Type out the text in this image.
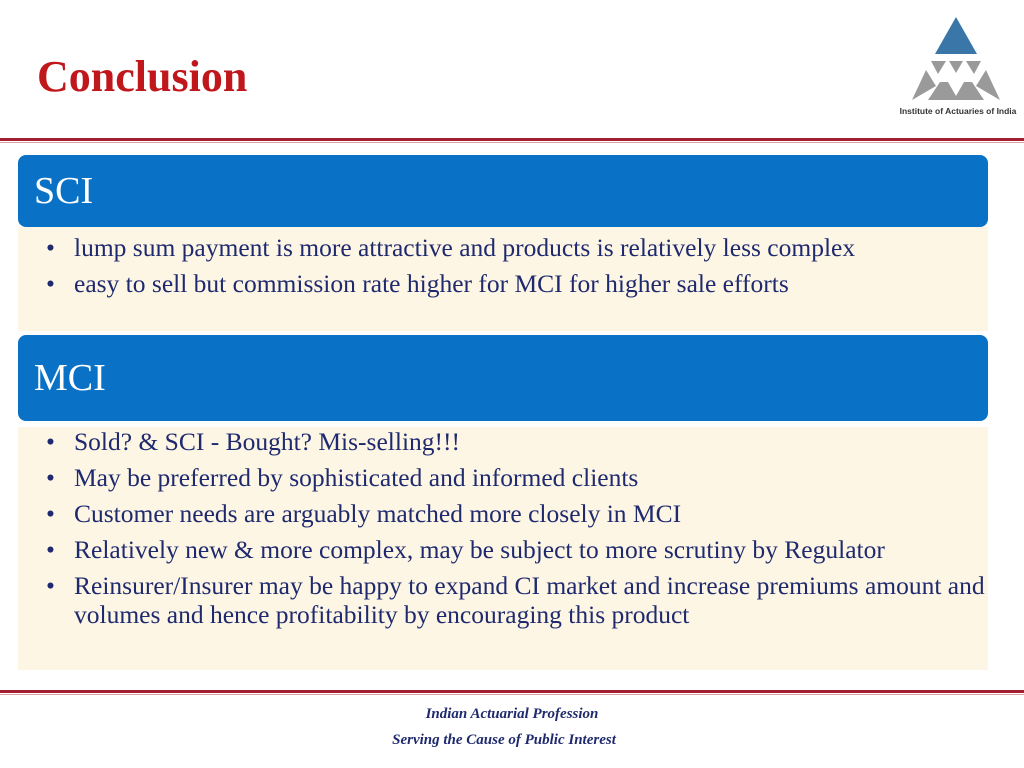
Conclusion
Institute of Actuaries of India
SCI
• lump sum payment is more attractive and products is relatively less complex
• easy to sell but commission rate higher for MCI for higher sale efforts
MCI
• Sold? & SCI - Bought? Mis-selling!!!
• May be preferred by sophisticated and informed clients
• Customer needs are arguably matched more closely in MCI
• Relatively new & more complex, may be subject to more scrutiny by Regulator
• Reinsurer/Insurer may be happy to expand CI market and increase premiums amount and volumes and hence profitability by encouraging this product
Indian Actuarial Profession
Serving the Cause of Public Interest
